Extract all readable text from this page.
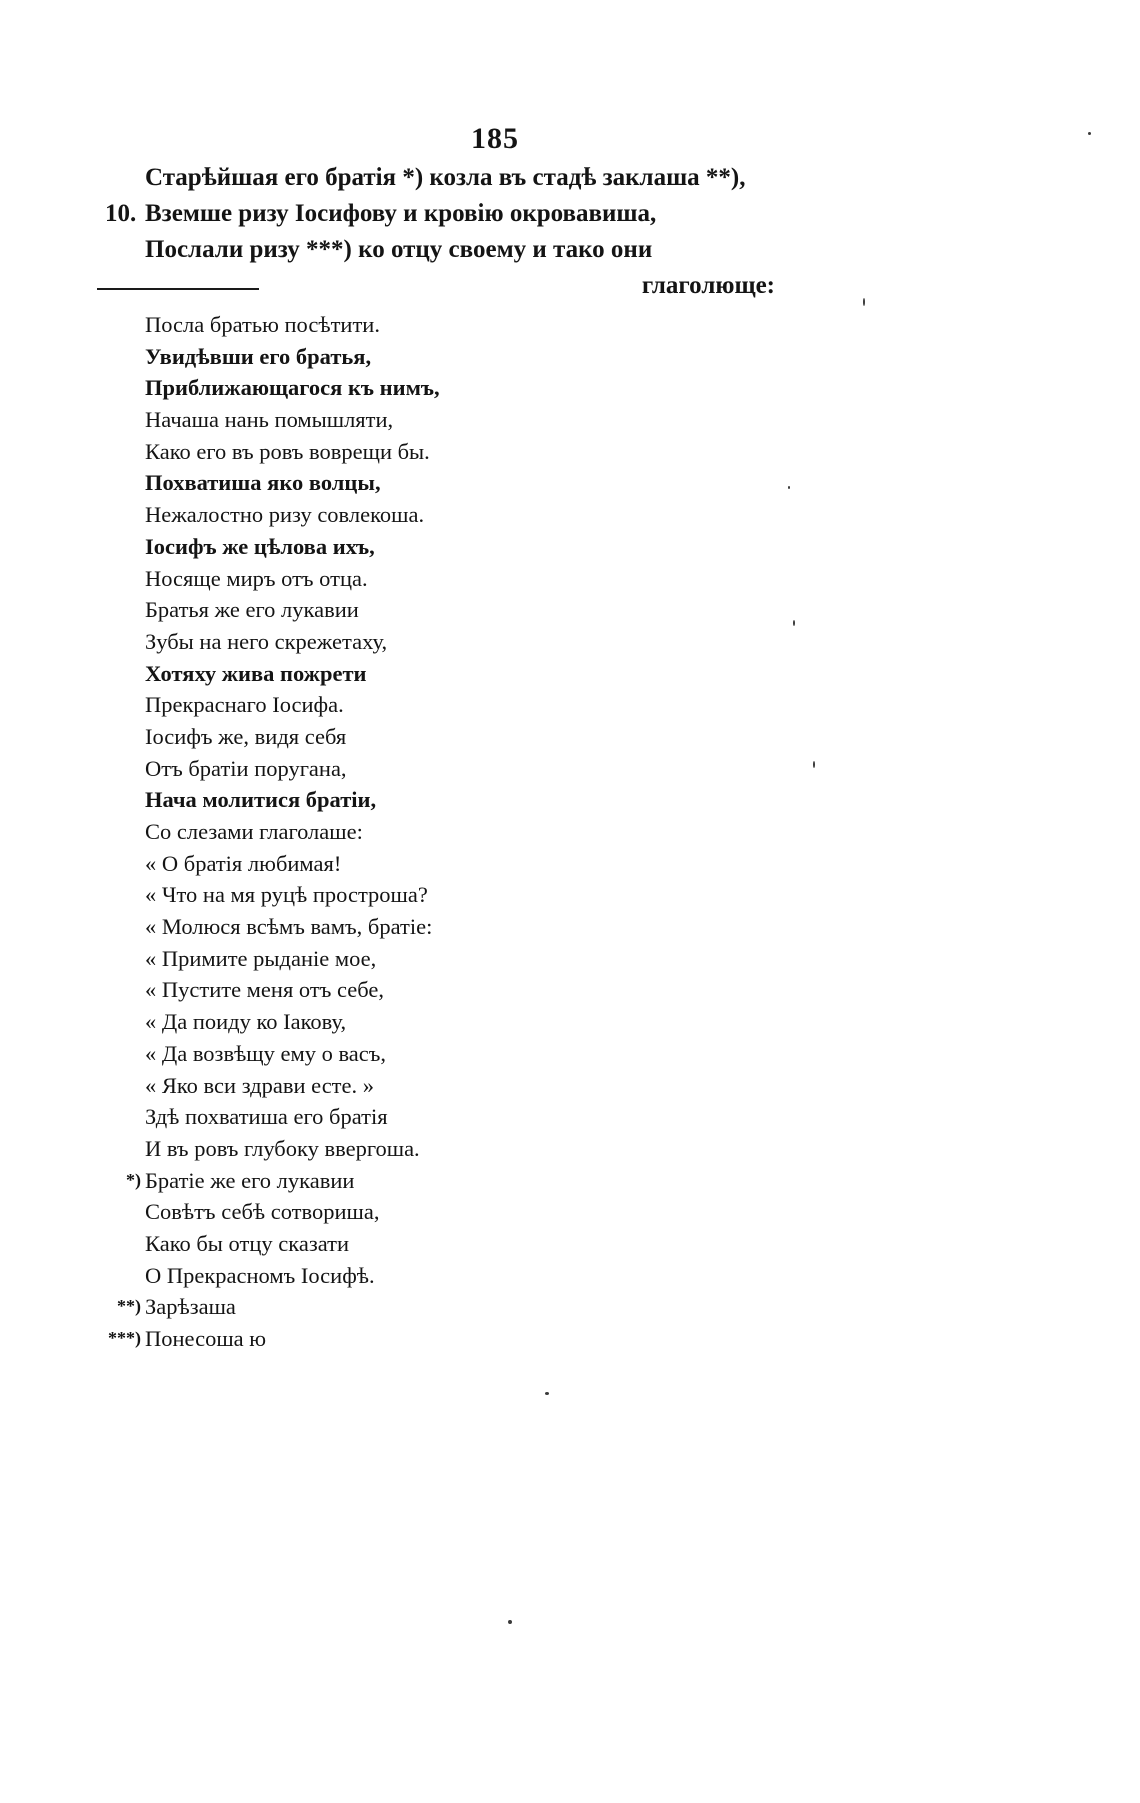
185
Старѣйшая его братія *) козла въ стадѣ заклаша **),
10. Вземше ризу Іосифову и кровію окровавиша,
Послали ризу ***) ко отцу своему и тако они
глаголюще:
Посла братью посѣтити.
Увидѣвши его братья,
Приближающагося къ нимъ,
Начаша нань помышляти,
Како его въ ровъ воврещи бы.
Похватиша яко волцы,
Нежалостно ризу совлекоша.
Іосифъ же цѣлова ихъ,
Носяще миръ отъ отца.
Братья же его лукавии
Зубы на него скрежетаху,
Хотяху жива пожрети
Прекраснаго Іосифа.
Іосифъ же, видя себя
Отъ братіи поругана,
Нача молитися братіи,
Со слезами глаголаше:
« О братія любимая!
« Что на мя руцѣ простроша?
« Молюся всѣмъ вамъ, братіе:
« Примите рыданіе мое,
« Пустите меня отъ себе,
« Да поиду ко Іакову,
« Да возвѣщу ему о васъ,
« Яко вси здрави есте. »
Здѣ похватиша его братія
И въ ровъ глубоку ввергоша.
*) Братіе же его лукавии
Совѣтъ себѣ сотвориша,
Како бы отцу сказати
О Прекрасномъ Іосифѣ.
**) Зарѣзаша
***) Понесоша ю
